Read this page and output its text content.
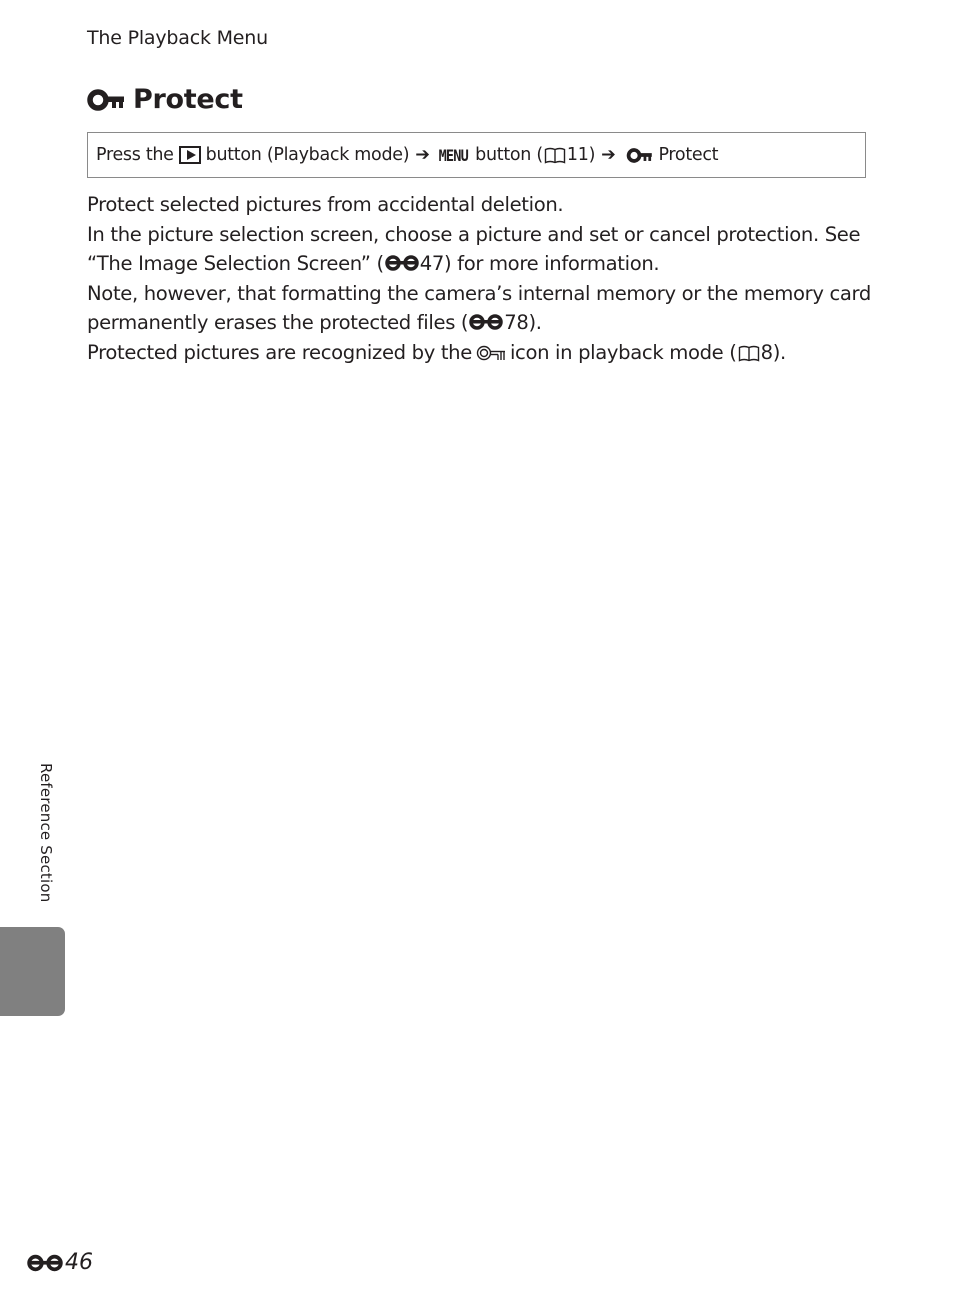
The Playback Menu
Protect
Press the button (Playback mode) ➔ MENU button ( 11 ) ➔ Protect

Protect selected pictures from accidental deletion.

In the picture selection screen, choose a picture and set or cancel protection. See

“The Image Selection Screen” ( 47) for more information.

Note, however, that formatting the camera’s internal memory or the memory card

permanently erases the protected files ( 78).

Protected pictures are recognized by the icon in playback mode ( 8).

Reference Section
46
